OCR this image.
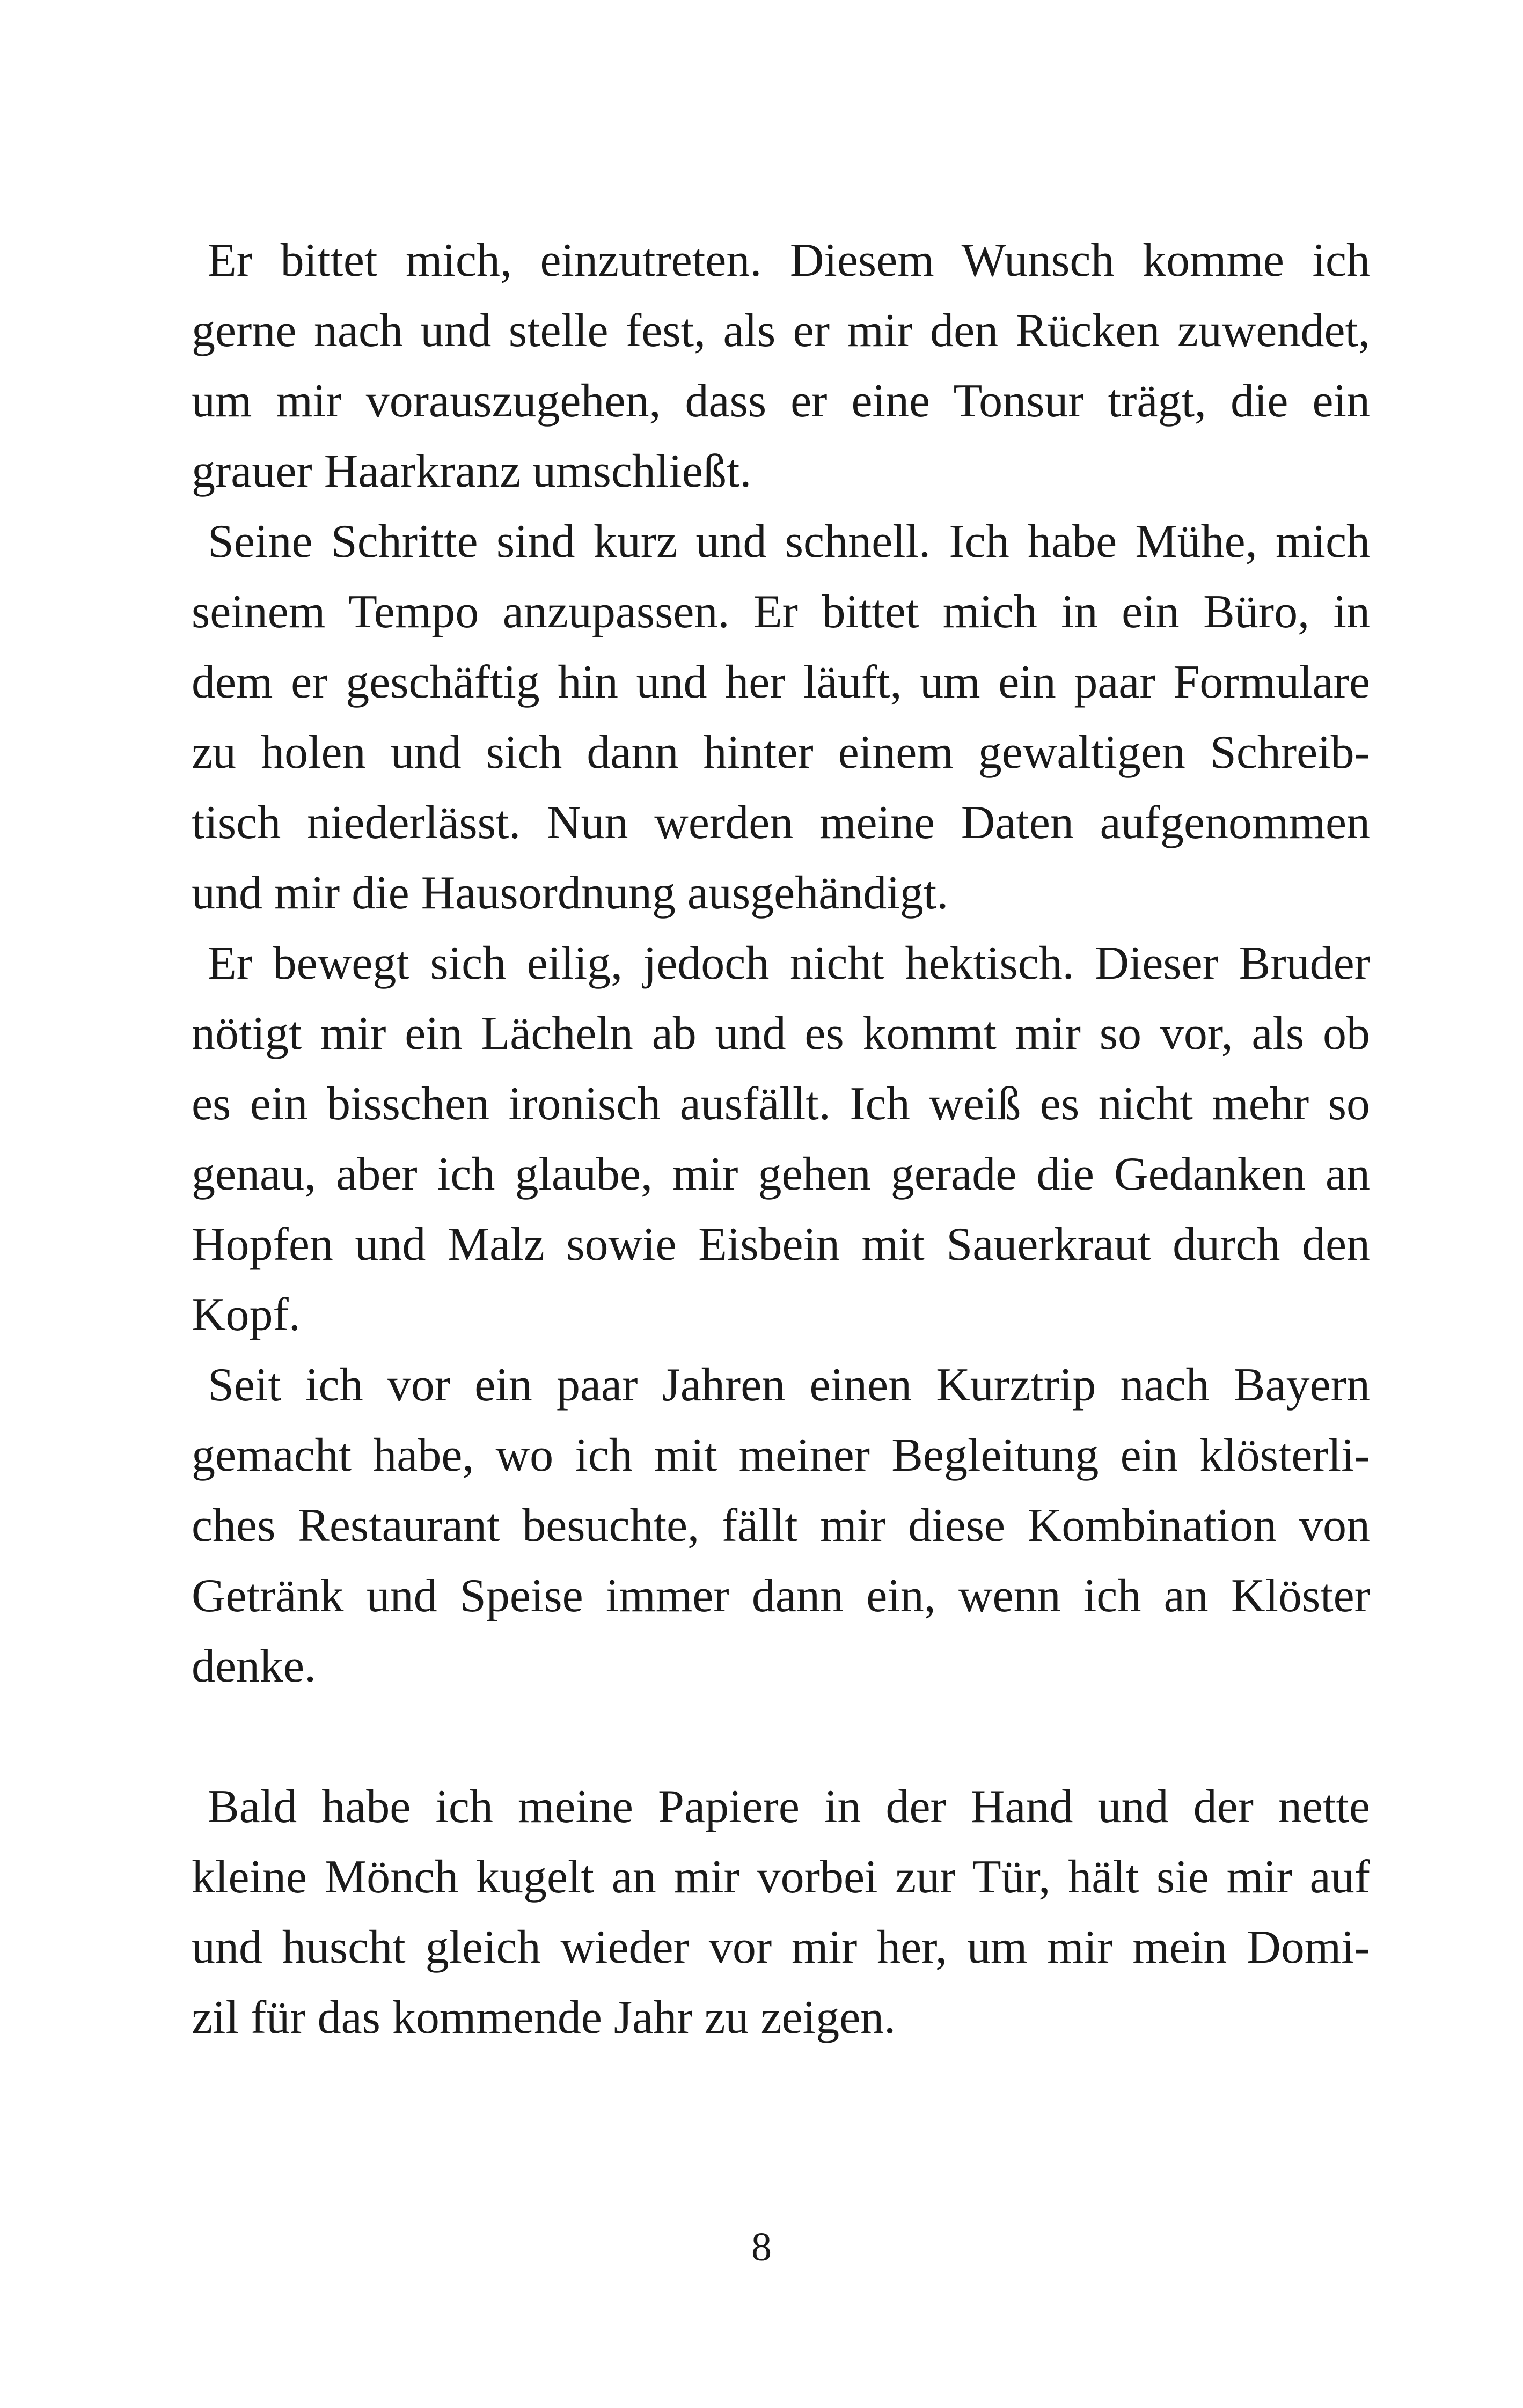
Er bittet mich, einzutreten. Diesem Wunsch komme ich
gerne nach und stelle fest, als er mir den Rücken zuwendet,
um mir vorauszugehen, dass er eine Tonsur trägt, die ein
grauer Haarkranz umschließt.
Seine Schritte sind kurz und schnell. Ich habe Mühe, mich
seinem Tempo anzupassen. Er bittet mich in ein Büro, in
dem er geschäftig hin und her läuft, um ein paar Formulare
zu holen und sich dann hinter einem gewaltigen Schreib-
tisch niederlässt. Nun werden meine Daten aufgenommen
und mir die Hausordnung ausgehändigt.
Er bewegt sich eilig, jedoch nicht hektisch. Dieser Bruder
nötigt mir ein Lächeln ab und es kommt mir so vor, als ob
es ein bisschen ironisch ausfällt. Ich weiß es nicht mehr so
genau, aber ich glaube, mir gehen gerade die Gedanken an
Hopfen und Malz sowie Eisbein mit Sauerkraut durch den
Kopf.
Seit ich vor ein paar Jahren einen Kurztrip nach Bayern
gemacht habe, wo ich mit meiner Begleitung ein klösterli-
ches Restaurant besuchte, fällt mir diese Kombination von
Getränk und Speise immer dann ein, wenn ich an Klöster
denke.
Bald habe ich meine Papiere in der Hand und der nette
kleine Mönch kugelt an mir vorbei zur Tür, hält sie mir auf
und huscht gleich wieder vor mir her, um mir mein Domi-
zil für das kommende Jahr zu zeigen.
8
